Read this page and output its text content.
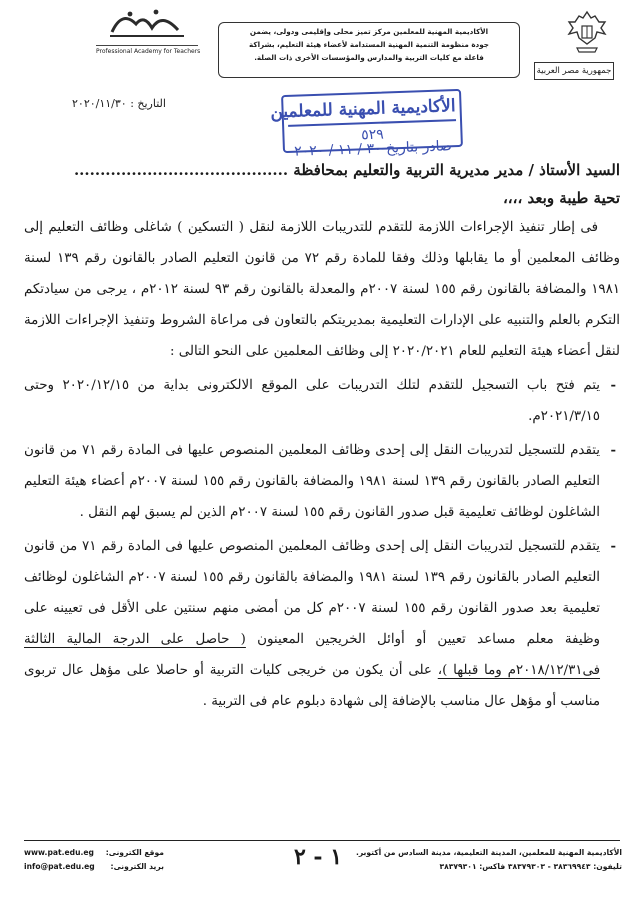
جمهورية مصر العربية
الأكاديمية المهنية للمعلمين مركز تميز محلى وإقليمى ودولى، يضمن
جودة منظومة التنمية المهنية المستدامة لأعضاء هيئة التعليم، بشراكة
فاعلة مع كليات التربية والمدارس والمؤسسات الأخرى ذات الصلة.
Professional Academy for Teachers
التاريخ : ٢٠٢٠/١١/٣٠	الأكاديمية المهنية للمعلمين
٥٢٩
صادر بتاريخ ٣٠ / ١١ / ٢٠٢٠
السيد الأستاذ / مدير مديرية التربية والتعليم بمحافظة .........................................
تحية طيبة وبعد ،،،،

فى إطار تنفيذ الإجراءات اللازمة للتقدم للتدريبات اللازمة لنقل ( التسكين ) شاغلى وظائف التعليم إلى وظائف المعلمين أو ما يقابلها وذلك وفقا للمادة رقم ٧٢ من قانون التعليم الصادر بالقانون رقم ١٣٩ لسنة ١٩٨١ والمضافة بالقانون رقم ١٥٥ لسنة ٢٠٠٧م والمعدلة بالقانون رقم ٩٣ لسنة ٢٠١٢م ، يرجى من سيادتكم التكرم بالعلم والتنبيه على الإدارات التعليمية بمديريتكم بالتعاون فى مراعاة الشروط وتنفيذ الإجراءات اللازمة لنقل أعضاء هيئة التعليم للعام ٢٠٢٠/٢٠٢١ إلى وظائف المعلمين على النحو التالى :

- يتم فتح باب التسجيل للتقدم لتلك التدريبات على الموقع الالكترونى بداية من ٢٠٢٠/١٢/١٥ وحتى ٢٠٢١/٣/١٥م.
- يتقدم للتسجيل لتدريبات النقل إلى إحدى وظائف المعلمين المنصوص عليها فى المادة رقم ٧١ من قانون التعليم الصادر بالقانون رقم ١٣٩ لسنة ١٩٨١ والمضافة بالقانون رقم ١٥٥ لسنة ٢٠٠٧م أعضاء هيئة التعليم الشاغلون لوظائف تعليمية قبل صدور القانون رقم ١٥٥ لسنة ٢٠٠٧م الذين لم يسبق لهم النقل .
- يتقدم للتسجيل لتدريبات النقل إلى إحدى وظائف المعلمين المنصوص عليها فى المادة رقم ٧١ من قانون التعليم الصادر بالقانون رقم ١٣٩ لسنة ١٩٨١ والمضافة بالقانون رقم ١٥٥ لسنة ٢٠٠٧م الشاغلون لوظائف تعليمية بعد صدور القانون رقم ١٥٥ لسنة ٢٠٠٧م كل من أمضى منهم سنتين على الأقل فى تعيينه على وظيفة معلم مساعد تعيين أو أوائل الخريجين المعينون ( حاصل على الدرجة المالية الثالثة فى٢٠١٨/١٢/٣١م وما قبلها )، على أن يكون من خريجى كليات التربية أو حاصلا على مؤهل عال تربوى مناسب أو مؤهل عال مناسب بالإضافة إلى شهادة دبلوم عام فى التربية .
الأكاديمية المهنية للمعلمين، المدينة التعليمية، مدينة السادس من أكتوبر.
تليفون: ٣٨٣٦٩٩٤٣ - ٣٨٣٧٩٣٠٣ فاكس: ٣٨٣٧٩٣٠١
١ - ٢
موقع الكترونى:
www.pat.edu.eg
بريد الكترونى:
info@pat.edu.eg
